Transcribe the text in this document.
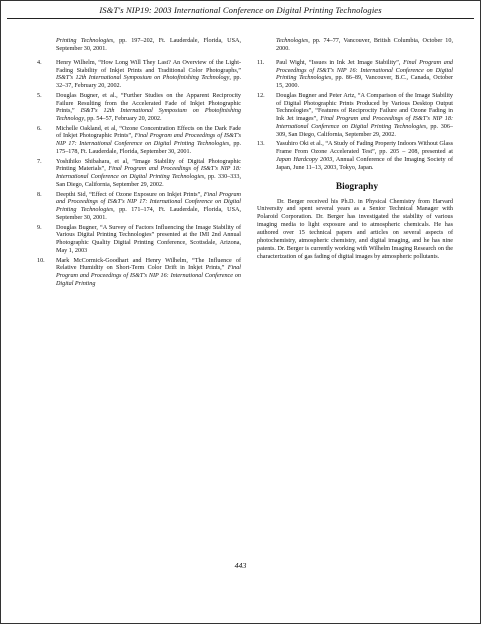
IS&T's NIP19: 2003 International Conference on Digital Printing Technologies
Printing Technologies, pp. 197–202, Ft. Lauderdale, Florida, USA, September 30, 2001.
4. Henry Wilhelm, “How Long Will They Last? An Overview of the Light-Fading Stability of Inkjet Prints and Traditional Color Photographs,” IS&T's 12th International Symposium on Photofinishing Technology, pp. 32–37, February 20, 2002.
5. Douglas Bugner, et al., “Further Studies on the Apparent Reciprocity Failure Resulting from the Accelerated Fade of Inkjet Photographic Prints,” IS&T's 12th International Symposium on Photofinishing Technology, pp. 54–57, February 20, 2002.
6. Michelle Oakland, et al, “Ozone Concentration Effects on the Dark Fade of Inkjet Photographic Prints”, Final Program and Proceedings of IS&T's NIP 17: International Conference on Digital Printing Technologies, pp. 175–178, Ft. Lauderdale, Florida, September 30, 2001.
7. Yoshihiko Shibahara, et al, “Image Stability of Digital Photographic Printing Materials”, Final Program and Proceedings of IS&T's NIP 18: International Conference on Digital Printing Technologies, pp. 330–333, San Diego, California, September 29, 2002.
8. Deepthi Sid, “Effect of Ozone Exposure on Inkjet Prints”, Final Program and Proceedings of IS&T's NIP 17: International Conference on Digital Printing Technologies, pp. 171–174, Ft. Lauderdale, Florida, USA, September 30, 2001.
9. Douglas Bugner, “A Survey of Factors Influencing the Image Stability of Various Digital Printing Technologies” presented at the IMI 2nd Annual Photographic Quality Digital Printing Conference, Scottsdale, Arizona, May 1, 2003
10. Mark McCormick-Goodhart and Henry Wilhelm, “The Influence of Relative Humidity on Short-Term Color Drift in Inkjet Prints,” Final Program and Proceedings of IS&T's NIP 16: International Conference on Digital Printing
Technologies, pp. 74–77, Vancouver, British Columbia, October 10, 2000.
11. Paul Wight, “Issues in Ink Jet Image Stability”, Final Program and Proceedings of IS&T's NIP 16: International Conference on Digital Printing Technologies, pp. 86–89, Vancouver, B.C., Canada, October 15, 2000.
12. Douglas Bugner and Peter Artz, “A Comparison of the Image Stability of Digital Photographic Prints Produced by Various Desktop Output Technologies”, “Features of Reciprocity Failure and Ozone Fading in Ink Jet images”, Final Program and Proceedings of IS&T's NIP 18: International Conference on Digital Printing Technologies, pp. 306–309, San Diego, California, September 29, 2002.
13. Yasuhiro Oki et al., “A Study of Fading Property Indoors Without Glass Frame From Ozone Accelerated Test”, pp. 205 – 208, presented at Japan Hardcopy 2003, Annual Conference of the Imaging Society of Japan, June 11–13, 2003, Tokyo, Japan.
Biography

Dr. Berger received his Ph.D. in Physical Chemistry from Harvard University and spent several years as a Senior Technical Manager with Polaroid Corporation. Dr. Berger has investigated the stability of various imaging media to light exposure and to atmospheric chemicals. He has authored over 15 technical papers and articles on several aspects of photochemistry, atmospheric chemistry, and digital imaging, and he has nine patents. Dr. Berger is currently working with Wilhelm Imaging Research on the characterization of gas fading of digital images by atmospheric pollutants.

443
